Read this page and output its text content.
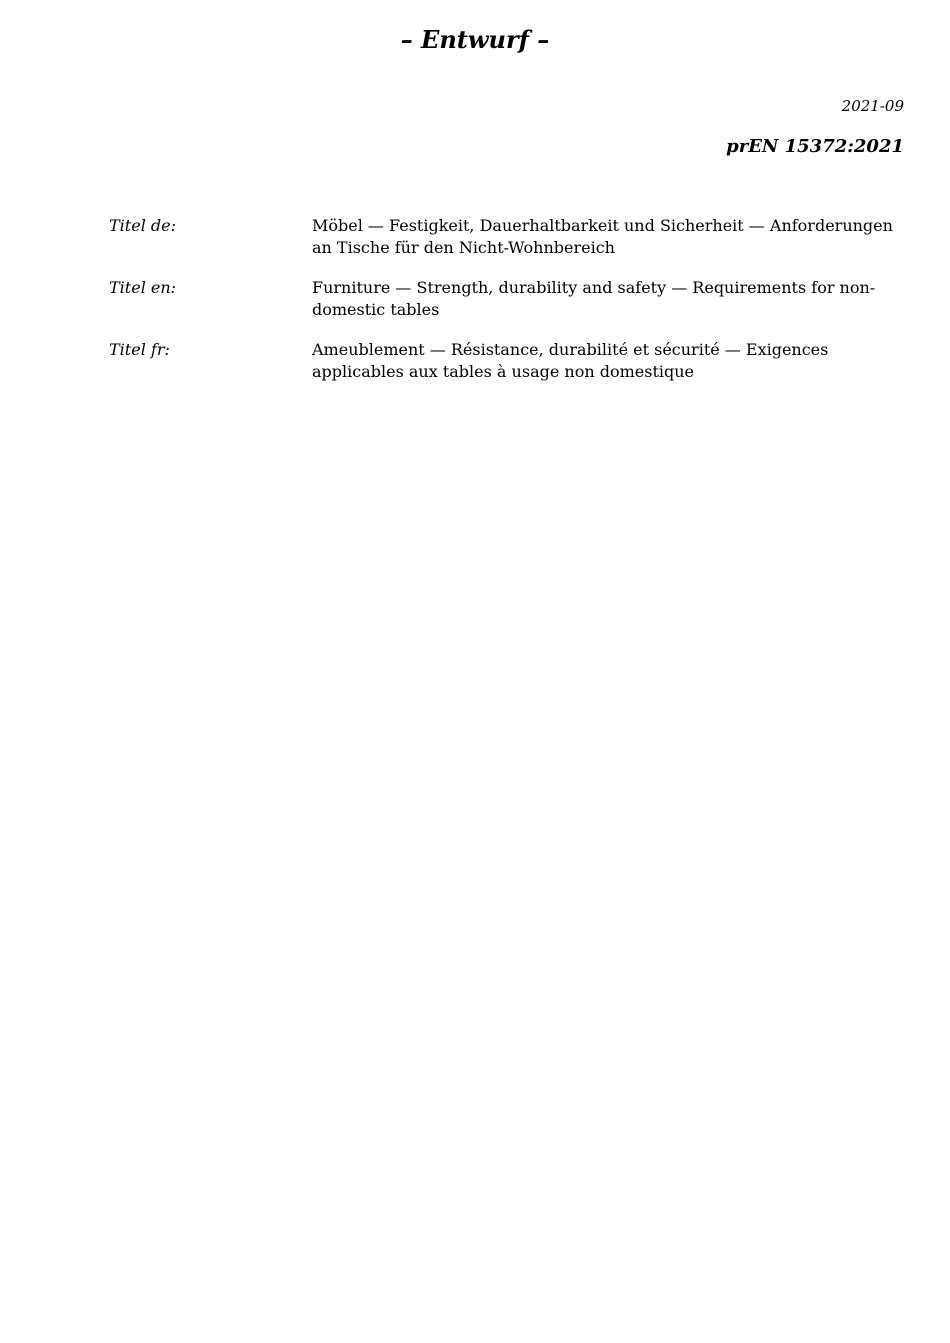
– Entwurf –
2021-09
prEN 15372:2021
Titel de:	Möbel — Festigkeit, Dauerhaltbarkeit und Sicherheit — Anforderungen an Tische für den Nicht-Wohnbereich
Titel en:	Furniture — Strength, durability and safety — Requirements for non-domestic tables
Titel fr:	Ameublement — Résistance, durabilité et sécurité — Exigences applicables aux tables à usage non domestique
